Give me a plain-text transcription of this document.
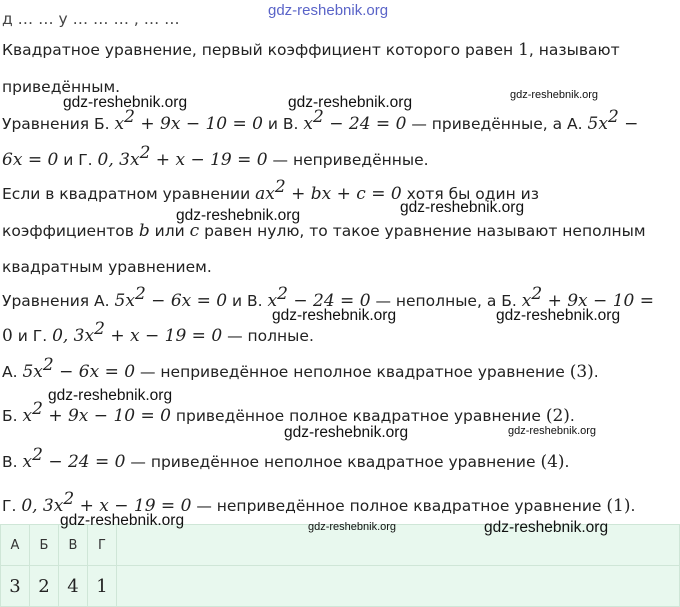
gdz-reshebnik.org
д … … у … … … , … …
Квадратное уравнение, первый коэффициент которого равен 1, называют
приведённым.
gdz-reshebnik.org	gdz-reshebnik.org	gdz-reshebnik.org
Уравнения Б. $x^2 + 9x - 10 = 0$ и В. $x^2 - 24 = 0$ — приведённые, а А. $5x^2$ −
6x = 0 и Г. 0, $3x^2 + x - 19 = 0$ — неприведённые.
Если в квадратном уравнении $ax^2$ + bx + c = 0 хотя бы один из
gdz-reshebnik.org	gdz-reshebnik.org
коэффициентов b или c равен нулю, то такое уравнение называют неполным
квадратным уравнением.
Уравнения А. $5x^2 - 6x = 0$ и В. $x^2 - 24 = 0$ — неполные, а Б. $x^2 + 9x - 10$ =
gdz-reshebnik.org	gdz-reshebnik.org
0 и Г. 0, $3x^2 + x - 19 = 0$ — полные.
А. $5x^2 - 6x = 0$ — неприведённое неполное квадратное уравнение (3).
gdz-reshebnik.org
Б. $x^2 + 9x - 10 = 0$ приведённое полное квадратное уравнение (2).
gdz-reshebnik.org	gdz-reshebnik.org
В. $x^2 - 24 = 0$ — приведённое неполное квадратное уравнение (4).
Г. 0, $3x^2 + x - 19 = 0$ — неприведённое полное квадратное уравнение (1).
А	Б	В	Г	
3	2	4	1	
gdz-reshebnik.org	gdz-reshebnik.org	gdz-reshebnik.org
